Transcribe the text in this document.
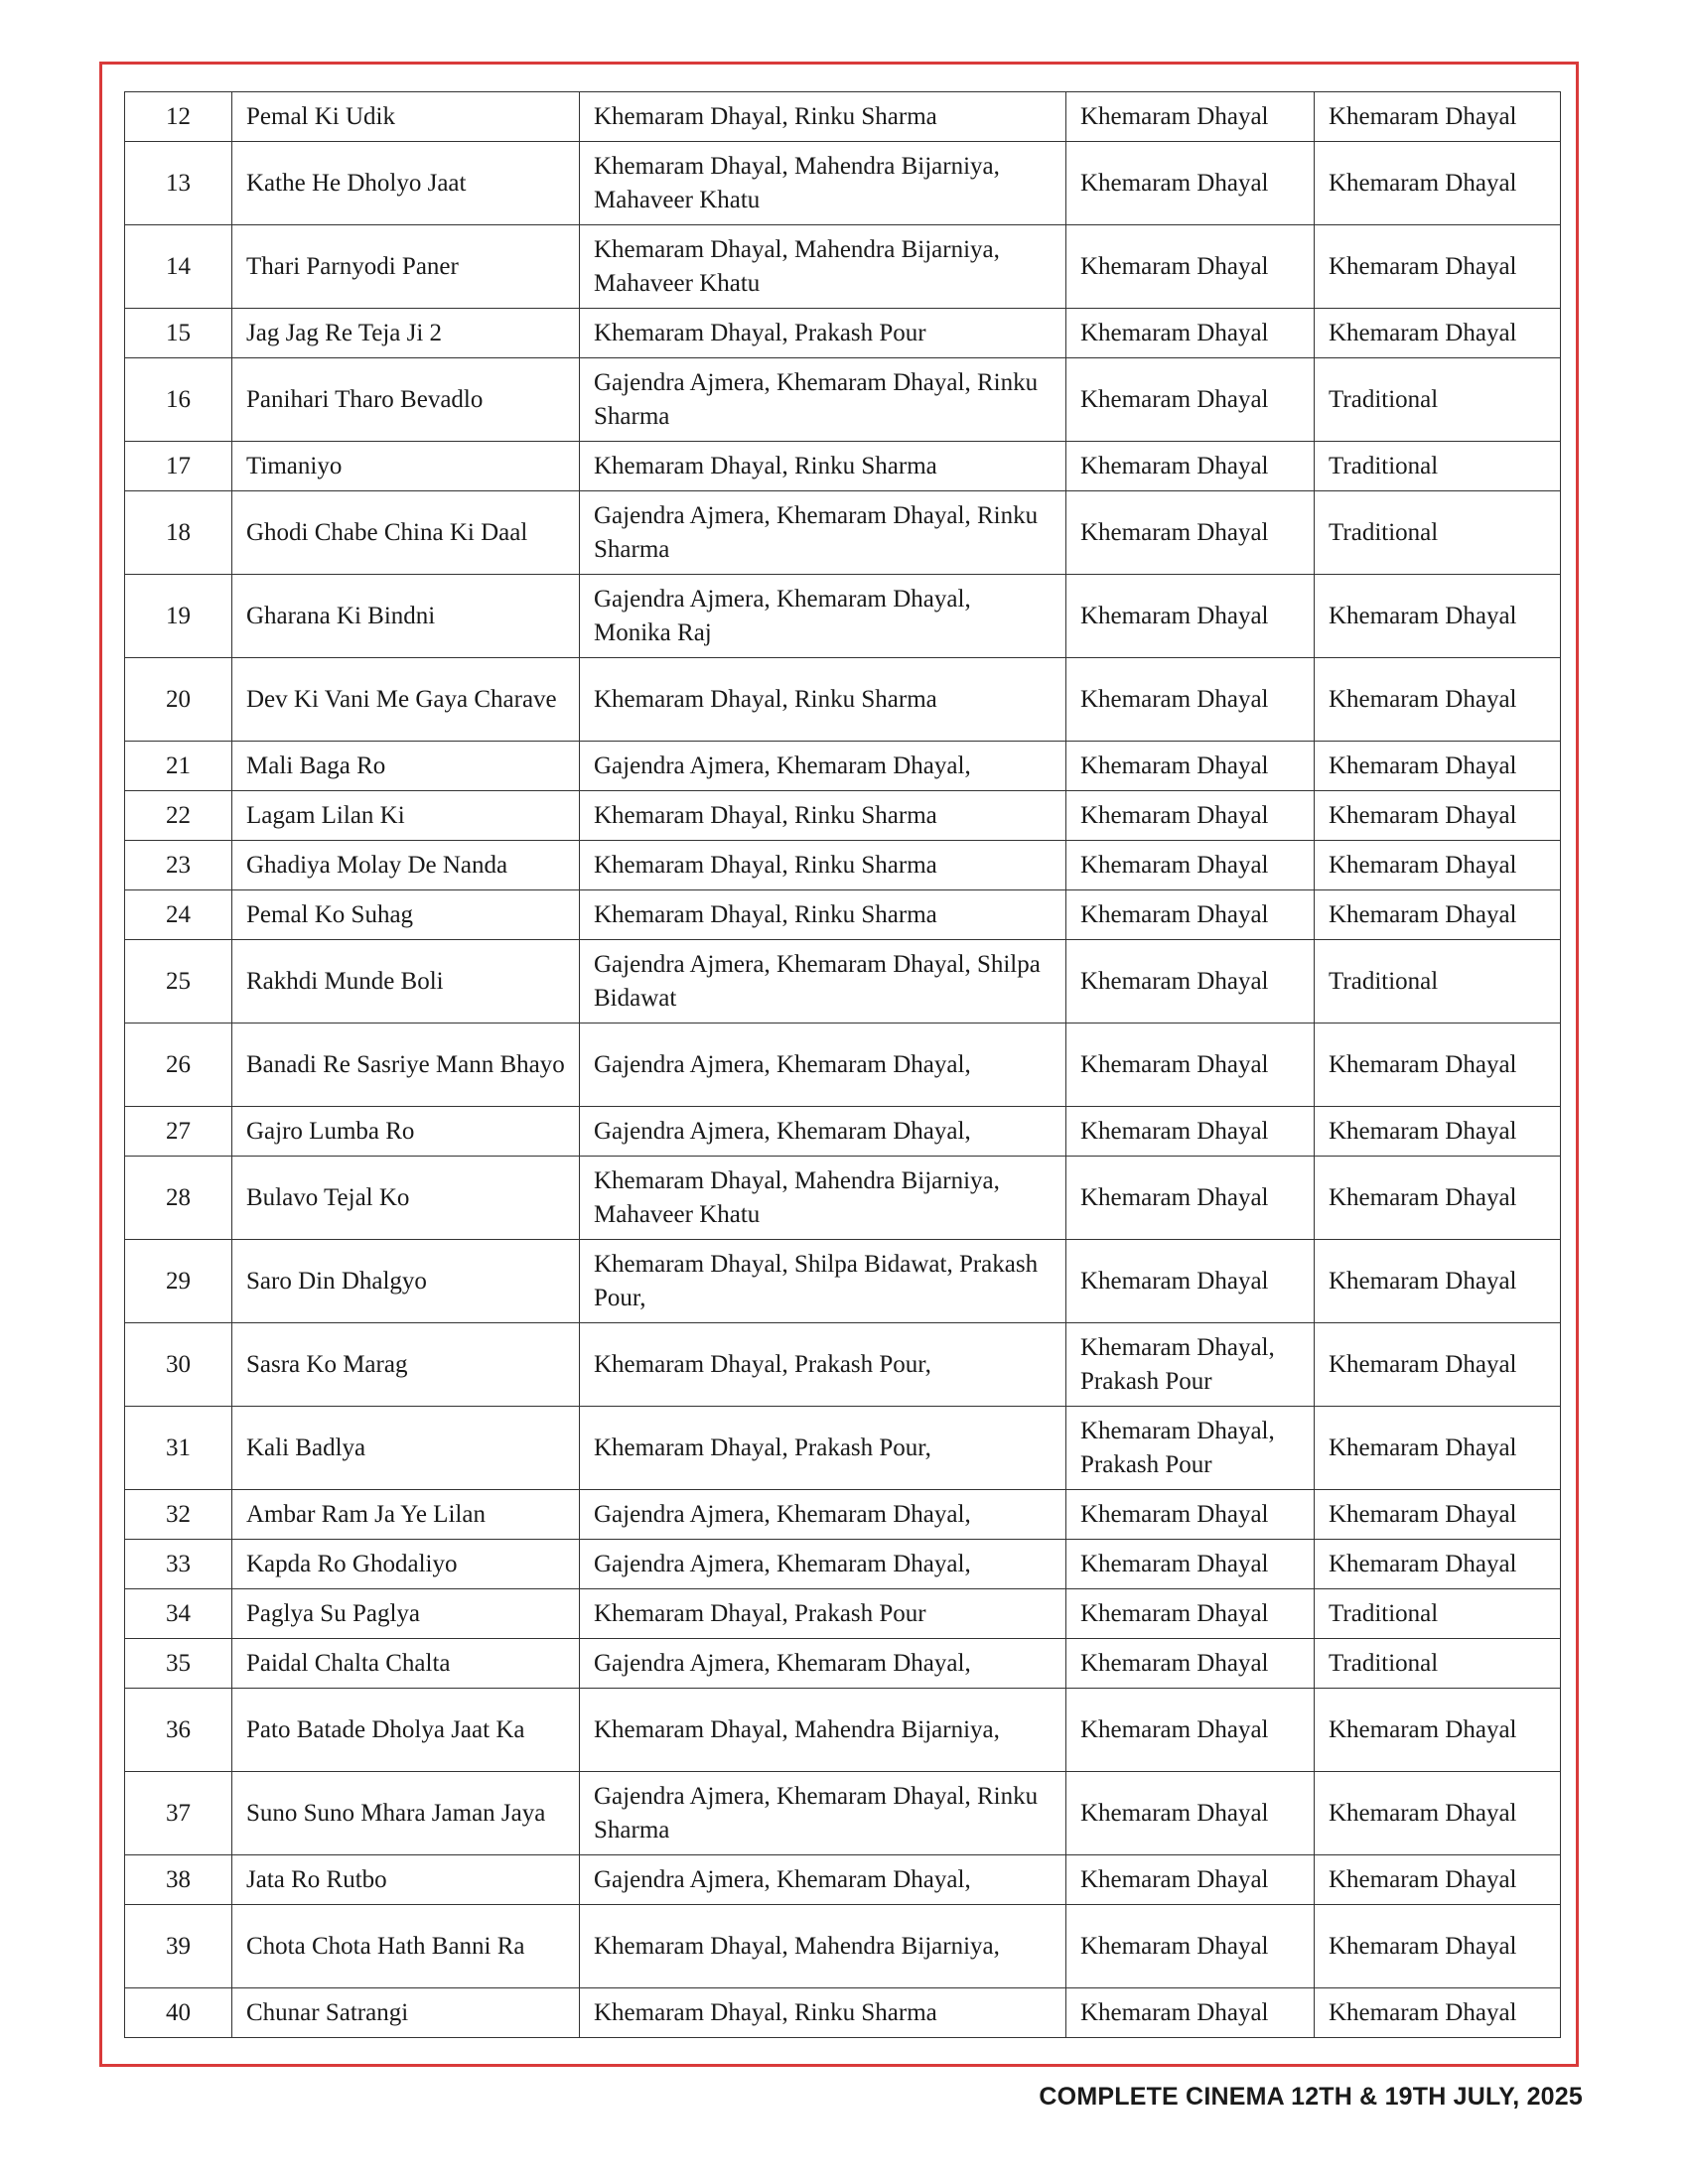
12	Pemal Ki Udik	Khemaram Dhayal, Rinku Sharma	Khemaram Dhayal	Khemaram Dhayal
13	Kathe He Dholyo Jaat	Khemaram Dhayal, Mahendra Bijarniya, Mahaveer Khatu	Khemaram Dhayal	Khemaram Dhayal
14	Thari Parnyodi Paner	Khemaram Dhayal, Mahendra Bijarniya, Mahaveer Khatu	Khemaram Dhayal	Khemaram Dhayal
15	Jag Jag Re Teja Ji 2	Khemaram Dhayal, Prakash Pour	Khemaram Dhayal	Khemaram Dhayal
16	Panihari Tharo Bevadlo	Gajendra Ajmera, Khemaram Dhayal, Rinku Sharma	Khemaram Dhayal	Traditional
17	Timaniyo	Khemaram Dhayal, Rinku Sharma	Khemaram Dhayal	Traditional
18	Ghodi Chabe China Ki Daal	Gajendra Ajmera, Khemaram Dhayal, Rinku Sharma	Khemaram Dhayal	Traditional
19	Gharana Ki Bindni	Gajendra Ajmera, Khemaram Dhayal, Monika Raj	Khemaram Dhayal	Khemaram Dhayal
20	Dev Ki Vani Me Gaya Charave	Khemaram Dhayal, Rinku Sharma	Khemaram Dhayal	Khemaram Dhayal
21	Mali Baga Ro	Gajendra Ajmera, Khemaram Dhayal,	Khemaram Dhayal	Khemaram Dhayal
22	Lagam Lilan Ki	Khemaram Dhayal, Rinku Sharma	Khemaram Dhayal	Khemaram Dhayal
23	Ghadiya Molay De Nanda	Khemaram Dhayal, Rinku Sharma	Khemaram Dhayal	Khemaram Dhayal
24	Pemal Ko Suhag	Khemaram Dhayal, Rinku Sharma	Khemaram Dhayal	Khemaram Dhayal
25	Rakhdi Munde Boli	Gajendra Ajmera, Khemaram Dhayal, Shilpa Bidawat	Khemaram Dhayal	Traditional
26	Banadi Re Sasriye Mann Bhayo	Gajendra Ajmera, Khemaram Dhayal,	Khemaram Dhayal	Khemaram Dhayal
27	Gajro Lumba Ro	Gajendra Ajmera, Khemaram Dhayal,	Khemaram Dhayal	Khemaram Dhayal
28	Bulavo Tejal Ko	Khemaram Dhayal, Mahendra Bijarniya, Mahaveer Khatu	Khemaram Dhayal	Khemaram Dhayal
29	Saro Din Dhalgyo	Khemaram Dhayal, Shilpa Bidawat, Prakash Pour,	Khemaram Dhayal	Khemaram Dhayal
30	Sasra Ko Marag	Khemaram Dhayal, Prakash Pour,	Khemaram Dhayal, Prakash Pour	Khemaram Dhayal
31	Kali Badlya	Khemaram Dhayal, Prakash Pour,	Khemaram Dhayal, Prakash Pour	Khemaram Dhayal
32	Ambar Ram Ja Ye Lilan	Gajendra Ajmera, Khemaram Dhayal,	Khemaram Dhayal	Khemaram Dhayal
33	Kapda Ro Ghodaliyo	Gajendra Ajmera, Khemaram Dhayal,	Khemaram Dhayal	Khemaram Dhayal
34	Paglya Su Paglya	Khemaram Dhayal, Prakash Pour	Khemaram Dhayal	Traditional
35	Paidal Chalta Chalta	Gajendra Ajmera, Khemaram Dhayal,	Khemaram Dhayal	Traditional
36	Pato Batade Dholya Jaat Ka	Khemaram Dhayal, Mahendra Bijarniya,	Khemaram Dhayal	Khemaram Dhayal
37	Suno Suno Mhara Jaman Jaya	Gajendra Ajmera, Khemaram Dhayal, Rinku Sharma	Khemaram Dhayal	Khemaram Dhayal
38	Jata Ro Rutbo	Gajendra Ajmera, Khemaram Dhayal,	Khemaram Dhayal	Khemaram Dhayal
39	Chota Chota Hath Banni Ra	Khemaram Dhayal, Mahendra Bijarniya,	Khemaram Dhayal	Khemaram Dhayal
40	Chunar Satrangi	Khemaram Dhayal, Rinku Sharma	Khemaram Dhayal	Khemaram Dhayal
COMPLETE CINEMA 12TH & 19TH JULY, 2025
